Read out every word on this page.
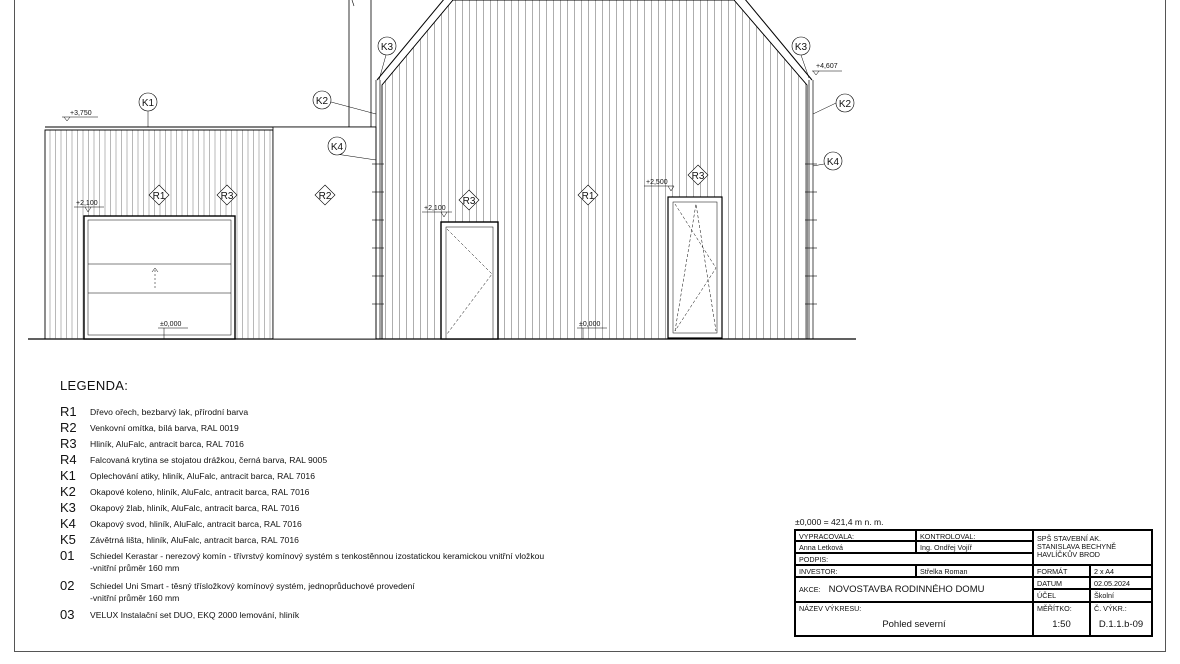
+3,750
+4,607
+2,100
+2,100
+2,500
±0,000	±0,000
K1	K2
K3
K4
K3
K2
K4
R1	R3	R2	R3	R1
R3
LEGENDA:
R1	Dřevo ořech, bezbarvý lak, přírodní barva
R2	Venkovní omítka, bílá barva, RAL 0019
R3	Hliník, AluFalc, antracit barca, RAL 7016
R4	Falcovaná krytina se stojatou drážkou, černá barva, RAL 9005
K1	Oplechování atiky, hliník, AluFalc, antracit barca, RAL 7016
K2	Okapové koleno, hliník, AluFalc, antracit barca, RAL 7016
K3	Okapový žlab, hliník, AluFalc, antracit barca, RAL 7016
K4	Okapový svod, hliník, AluFalc, antracit barca, RAL 7016
K5	Závětrná lišta, hliník, AluFalc, antracit barca, RAL 7016
01	Schiedel Kerastar - nerezový komín - třívrstvý komínový systém s tenkostěnnou izostatickou keramickou vnitřní vložkou
-vnitřní průměr 160 mm
02	Schiedel Uni Smart - těsný třísložkový komínový systém, jednoprůduchové provedení
-vnitřní průměr 160 mm
03	VELUX Instalační set DUO, EKQ 2000 lemování, hliník
±0,000 = 421,4 m n. m.
VYPRACOVALA:	KONTROLOVAL:
Anna Letková	Ing. Ondřej Vojíř
PODPIS:
SPŠ STAVEBNÍ AK.
STANISLAVA BECHYNĚ
HAVLÍČKŮV BROD
INVESTOR:	Střelka Roman
AKCE: NOVOSTAVBA RODINNÉHO DOMU
FORMÁT	2 x A4
DATUM	02.05.2024
ÚČEL	Školní
NÁZEV VÝKRESU:
Pohled severní
MĚŘÍTKO:
1:50
Č. VÝKR.:
D.1.1.b-09
